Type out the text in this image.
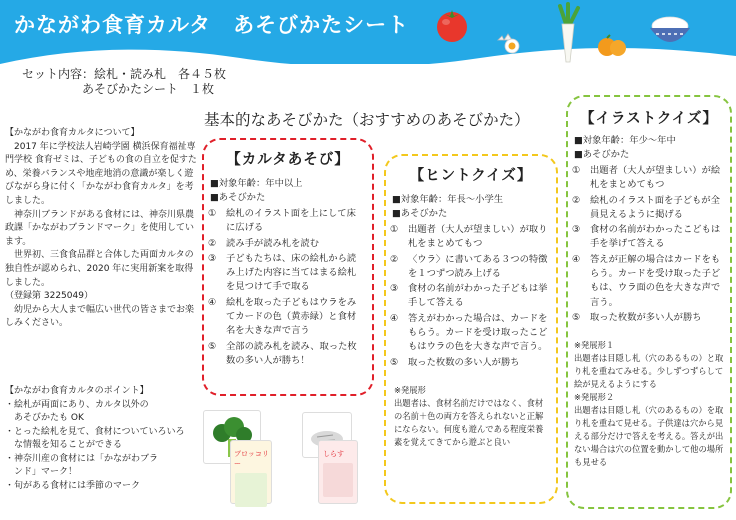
かながわ食育カルタ　あそびかたシート
セット内容：絵札・読み札　各４５枚
　　　　　あそびかたシート　１枚

【かながわ食育カルタについて】

　2017 年に学校法人岩崎学園 横浜保育福祉専門学校 食育ゼミは、子どもの食の自立を促すため、栄養バランスや地産地消の意識が楽しく遊びながら身に付く「かながわ食育カルタ」を考しました。

　神奈川ブランドがある食材には、神奈川県農政課「かながわブランドマーク」を使用しています。

　世界初、三食食品群と合体した両面カルタの独自性が認められ、2020 年に実用新案を取得しました。

（登録第 3225049）

　幼児から大人まで幅広い世代の皆さまでお楽しみください。

【かながわ食育カルタのポイント】

・絵札が両面にあり、カルタ以外の

　あそびかたも OK

・とった絵札を見て、食材についていろいろ

　な情報を知ることができる

・神奈川産の食材には「かながわブラ

　ンド」マーク！

・旬がある食材には季節のマーク

ブロッコリー
しらす
基本的なあそびかた（おすすめのあそびかた）
【カルタあそび】
■対象年齢：年中以上
■あそびかた
①	絵札のイラスト面を上にして床に広げる
②	読み手が読み札を読む
③	子どもたちは、床の絵札から読み上げた内容に当てはまる絵札を見つけて手で取る
④	絵札を取った子どもはウラをみてカードの色（黄赤緑）と食材名を大きな声で言う
⑤	全部の読み札を読み、取った枚数の多い人が勝ち！
【ヒントクイズ】
■対象年齢：年長〜小学生
■あそびかた
①	出題者（大人が望ましい）が取り札をまとめてもつ
②	〈ウラ〉に書いてある３つの特徴を１つずつ読み上げる
③	食材の名前がわかった子どもは挙手して答える
④	答えがわかった場合は、カードをもらう。カードを受け取ったこどもはウラの色を大きな声で言う。
⑤	取った枚数の多い人が勝ち

※発展形

出題者は、食材名前だけではなく、食材の名前＋色の両方を答えられないと正解にならない。何度も遊んである程度栄養素を覚えてきてから遊ぶと良い

【イラストクイズ】
■対象年齢：年少〜年中
■あそびかた
①	出題者（大人が望ましい）が絵札をまとめてもつ
②	絵札のイラスト面を子どもが全員見えるように掲げる
③	食材の名前がわかったこどもは手を挙げて答える
④	答えが正解の場合はカードをもらう。カードを受け取った子どもは、ウラ面の色を大きな声で言う。
⑤	取った枚数が多い人が勝ち

※発展形１

出題者は目隠し札（穴のあるもの）と取り札を重ねてみせる。少しずつずらして絵が見えるようにする

※発展形２

出題者は目隠し札（穴のあるもの）を取り札を重ねて見せる。子供達は穴から見える部分だけで答えを考える。答えが出ない場合は穴の位置を動かして他の場所も見せる
